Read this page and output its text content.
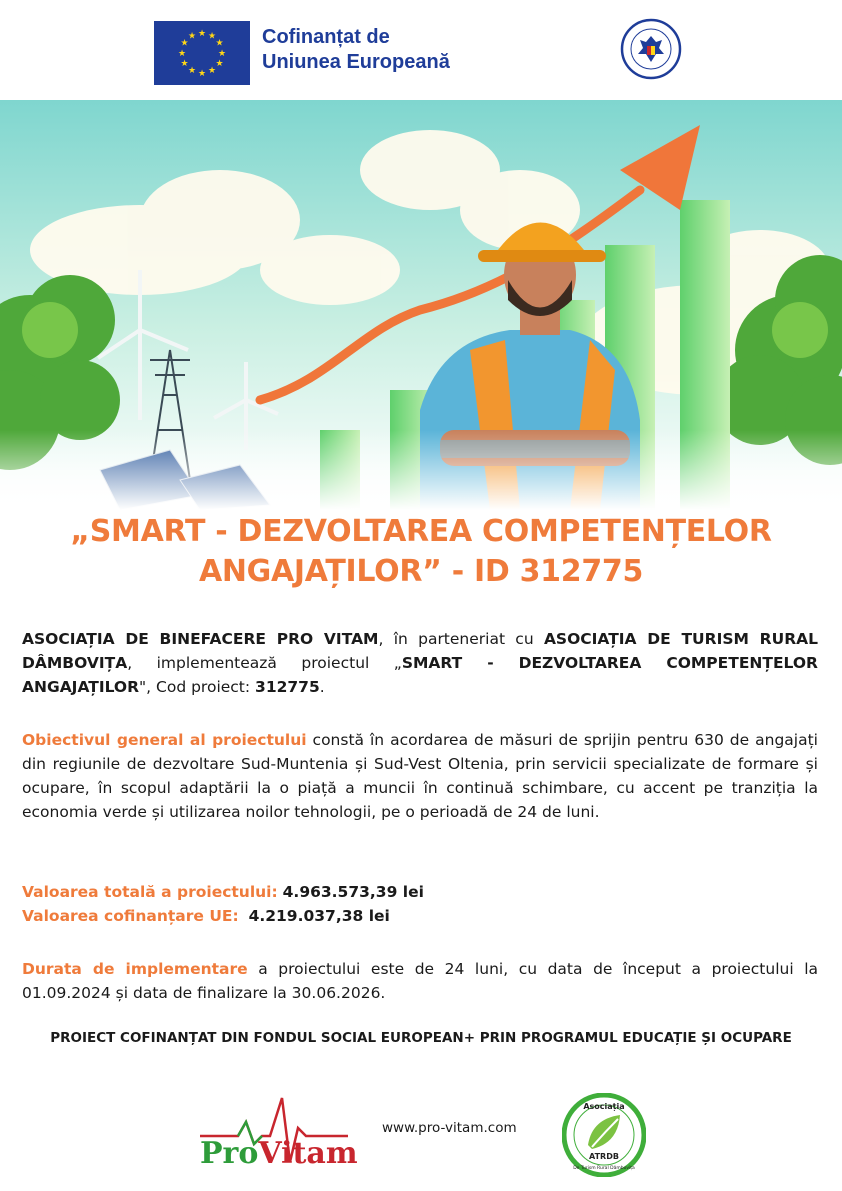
★ ★
★
★
★
★
★
★
★
★
★
★	Cofinanțat de
Uniunea Europeană
„SMART - DEZVOLTAREA COMPETENȚELOR
ANGAJAȚILOR” - ID 312775
ASOCIAȚIA DE BINEFACERE PRO VITAM, în parteneriat cu ASOCIAȚIA DE TURISM RURAL DÂMBOVIȚA, implementează proiectul „SMART - DEZVOLTAREA COMPETENȚELOR ANGAJAȚILOR", Cod proiect: 312775.
Obiectivul general al proiectului constă în acordarea de măsuri de sprijin pentru 630 de angajați din regiunile de dezvoltare Sud-Muntenia și Sud-Vest Oltenia, prin servicii specializate de formare și ocupare, în scopul adaptării la o piață a muncii în continuă schimbare, cu accent pe tranziția la economia verde și utilizarea noilor tehnologii, pe o perioadă de 24 de luni.
Valoarea totală a proiectului: 4.963.573,39 lei
Valoarea cofinanțare UE: 4.219.037,38 lei
Durata de implementare a proiectului este de 24 luni, cu data de început a proiectului la 01.09.2024 și data de finalizare la 30.06.2026.
PROIECT COFINANȚAT DIN FONDUL SOCIAL EUROPEAN+ PRIN PROGRAMUL EDUCAȚIE ȘI OCUPARE
ProVitam
www.pro-vitam.com
Asociația
ATRDB
De Turism Rural Dâmbovița
